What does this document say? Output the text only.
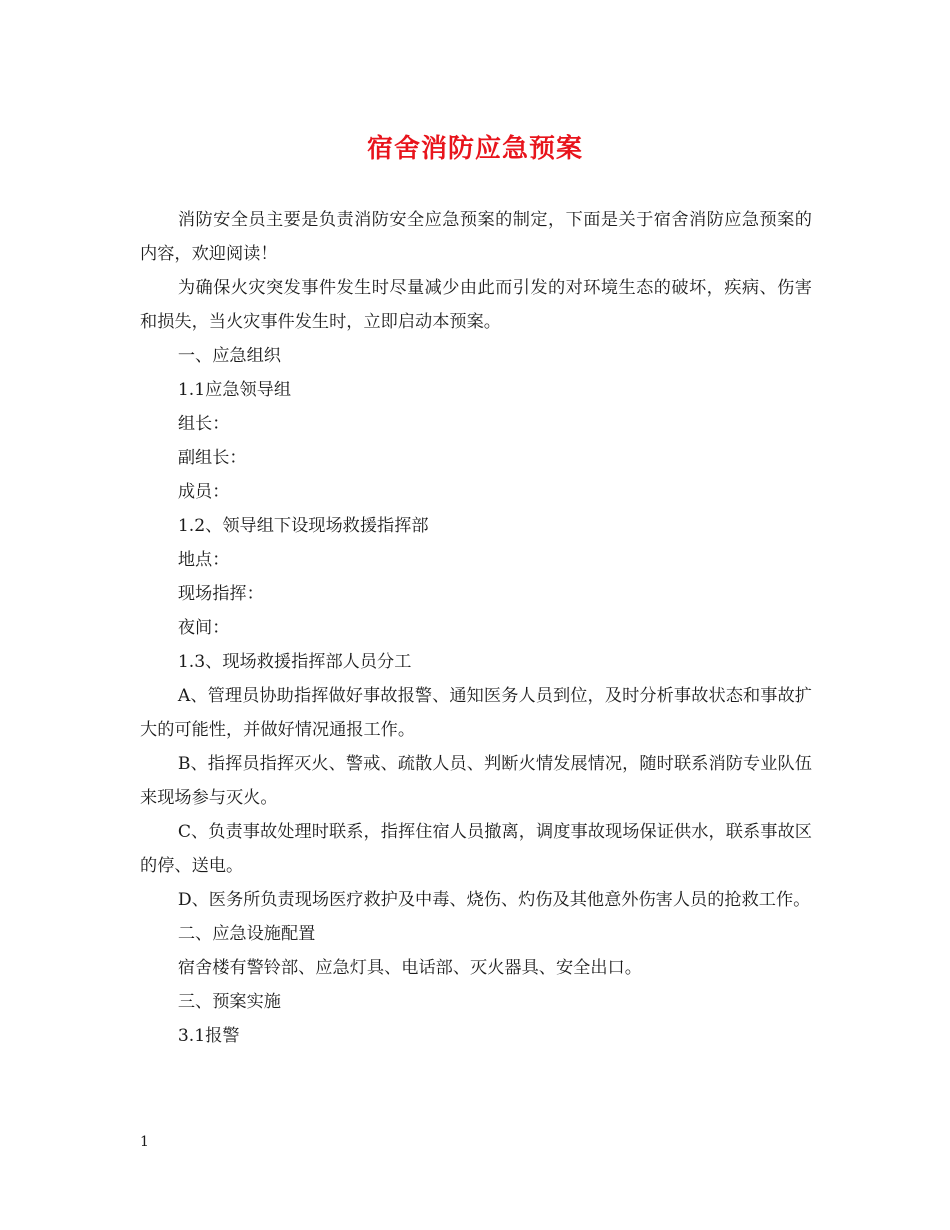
宿舍消防应急预案

消防安全员主要是负责消防安全应急预案的制定，下面是关于宿舍消防应急预案的内容，欢迎阅读！

为确保火灾突发事件发生时尽量减少由此而引发的对环境生态的破坏，疾病、伤害和损失，当火灾事件发生时，立即启动本预案。

一、应急组织

1.1应急领导组

组长：

副组长：

成员：

1.2、领导组下设现场救援指挥部

地点：

现场指挥：

夜间：

1.3、现场救援指挥部人员分工

A、管理员协助指挥做好事故报警、通知医务人员到位，及时分析事故状态和事故扩大的可能性，并做好情况通报工作。

B、指挥员指挥灭火、警戒、疏散人员、判断火情发展情况，随时联系消防专业队伍来现场参与灭火。

C、负责事故处理时联系，指挥住宿人员撤离，调度事故现场保证供水，联系事故区的停、送电。

D、医务所负责现场医疗救护及中毒、烧伤、灼伤及其他意外伤害人员的抢救工作。

二、应急设施配置

宿舍楼有警铃部、应急灯具、电话部、灭火器具、安全出口。

三、预案实施

3.1报警

1
